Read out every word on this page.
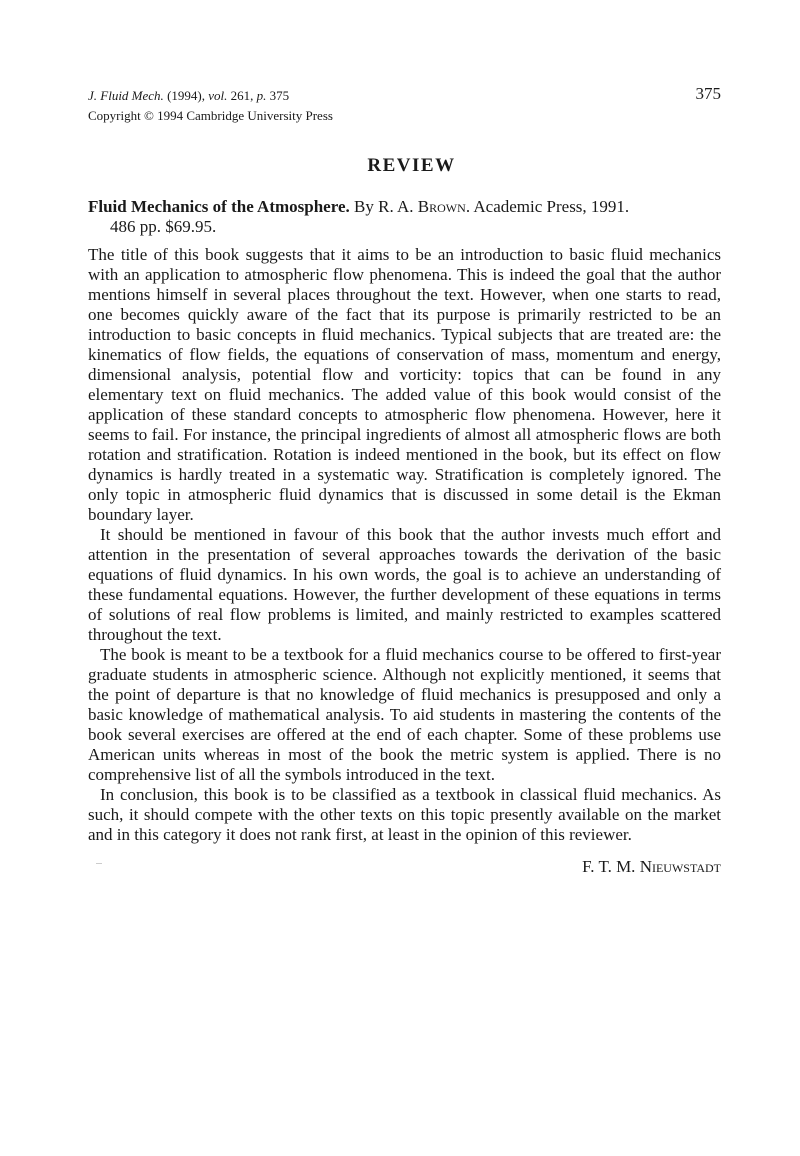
J. Fluid Mech. (1994), vol. 261, p. 375
Copyright © 1994 Cambridge University Press
375
REVIEW
Fluid Mechanics of the Atmosphere. By R. A. Brown. Academic Press, 1991.
486 pp. $69.95.

The title of this book suggests that it aims to be an introduction to basic fluid mechanics with an application to atmospheric flow phenomena. This is indeed the goal that the author mentions himself in several places throughout the text. However, when one starts to read, one becomes quickly aware of the fact that its purpose is primarily restricted to be an introduction to basic concepts in fluid mechanics. Typical subjects that are treated are: the kinematics of flow fields, the equations of conservation of mass, momentum and energy, dimensional analysis, potential flow and vorticity: topics that can be found in any elementary text on fluid mechanics. The added value of this book would consist of the application of these standard concepts to atmospheric flow phenomena. However, here it seems to fail. For instance, the principal ingredients of almost all atmospheric flows are both rotation and stratification. Rotation is indeed mentioned in the book, but its effect on flow dynamics is hardly treated in a systematic way. Stratification is completely ignored. The only topic in atmospheric fluid dynamics that is discussed in some detail is the Ekman boundary layer.

It should be mentioned in favour of this book that the author invests much effort and attention in the presentation of several approaches towards the derivation of the basic equations of fluid dynamics. In his own words, the goal is to achieve an understanding of these fundamental equations. However, the further development of these equations in terms of solutions of real flow problems is limited, and mainly restricted to examples scattered throughout the text.

The book is meant to be a textbook for a fluid mechanics course to be offered to first-year graduate students in atmospheric science. Although not explicitly mentioned, it seems that the point of departure is that no knowledge of fluid mechanics is presupposed and only a basic knowledge of mathematical analysis. To aid students in mastering the contents of the book several exercises are offered at the end of each chapter. Some of these problems use American units whereas in most of the book the metric system is applied. There is no comprehensive list of all the symbols introduced in the text.

In conclusion, this book is to be classified as a textbook in classical fluid mechanics. As such, it should compete with the other texts on this topic presently available on the market and in this category it does not rank first, at least in the opinion of this reviewer.

F. T. M. Nieuwstadt
